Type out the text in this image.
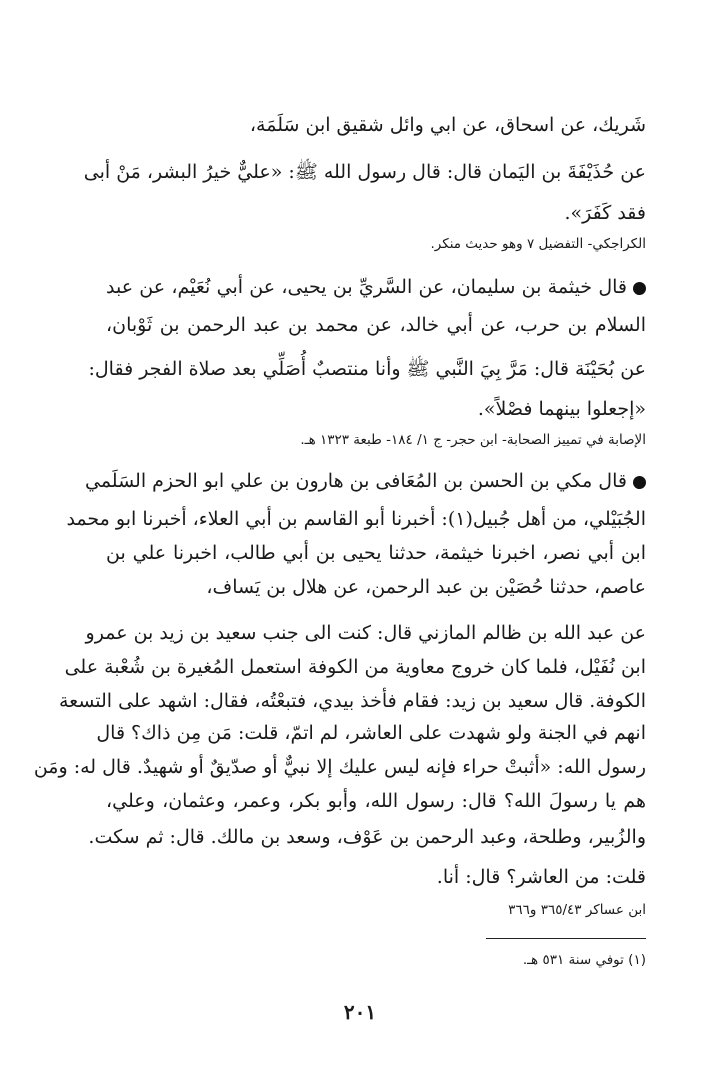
شَريك، عن اسحاق، عن ابي وائل شقيق ابن سَلَمَة،
عن حُذَيْفَةَ بن اليَمان قال: قال رسول الله ﷺ: «عليٌّ خيرُ البشر، مَنْ أبى
فقد كَفَرَ».
الكراجكي- التفضيل ٧ وهو حديث منكر.
قال خيثمة بن سليمان، عن السَّريِّ بن يحيى، عن أبي نُعَيْم، عن عبد
السلام بن حرب، عن أبي خالد، عن محمد بن عبد الرحمن بن ثَوْبان،
عن بُحَيْنَة قال: مَرَّ بِيَ النَّبي ﷺ وأنا منتصبٌ أُصَلِّي بعد صلاة الفجر فقال:
«إجعلوا بينهما فصْلاً».
الإصابة في تمييز الصحابة- ابن حجر- ج ١/ ١٨٤- طبعة ١٣٢٣ هـ.
قال مكي بن الحسن بن المُعَافى بن هارون بن علي ابو الحزم السَلَمي
الجُبَيْلي، من أهل جُبيل(١): أخبرنا أبو القاسم بن أبي العلاء، أخبرنا ابو محمد
ابن أبي نصر، اخبرنا خيثمة، حدثنا يحيى بن أبي طالب، اخبرنا علي بن
عاصم، حدثنا حُصَيْن بن عبد الرحمن، عن هلال بن يَساف،
عن عبد الله بن ظالم المازني قال: كنت الى جنب سعيد بن زيد بن عمرو
ابن نُفَيْل، فلما كان خروج معاوية من الكوفة استعمل المُغيرة بن شُعْبة على
الكوفة. قال سعيد بن زيد: فقام فأخذ بيدي، فتبعْتُه، فقال: اشهد على التسعة
انهم في الجنة ولو شهدت على العاشر، لم اتمّ، قلت: مَن مِن ذاك؟ قال
رسول الله: «أثبتْ حراء فإنه ليس عليك إلا نبيٌّ أو صدّيقٌ أو شهيدٌ. قال له: ومَن
هم يا رسولَ الله؟ قال: رسول الله، وأبو بكر، وعمر، وعثمان، وعلي،
والزُبير، وطلحة، وعبد الرحمن بن عَوْف، وسعد بن مالك. قال: ثم سكت.
قلت: من العاشر؟ قال: أنا.
ابن عساكر ٣٦٥/٤٣ و٣٦٦
(١) توفي سنة ٥٣١ هـ.
٢٠١
